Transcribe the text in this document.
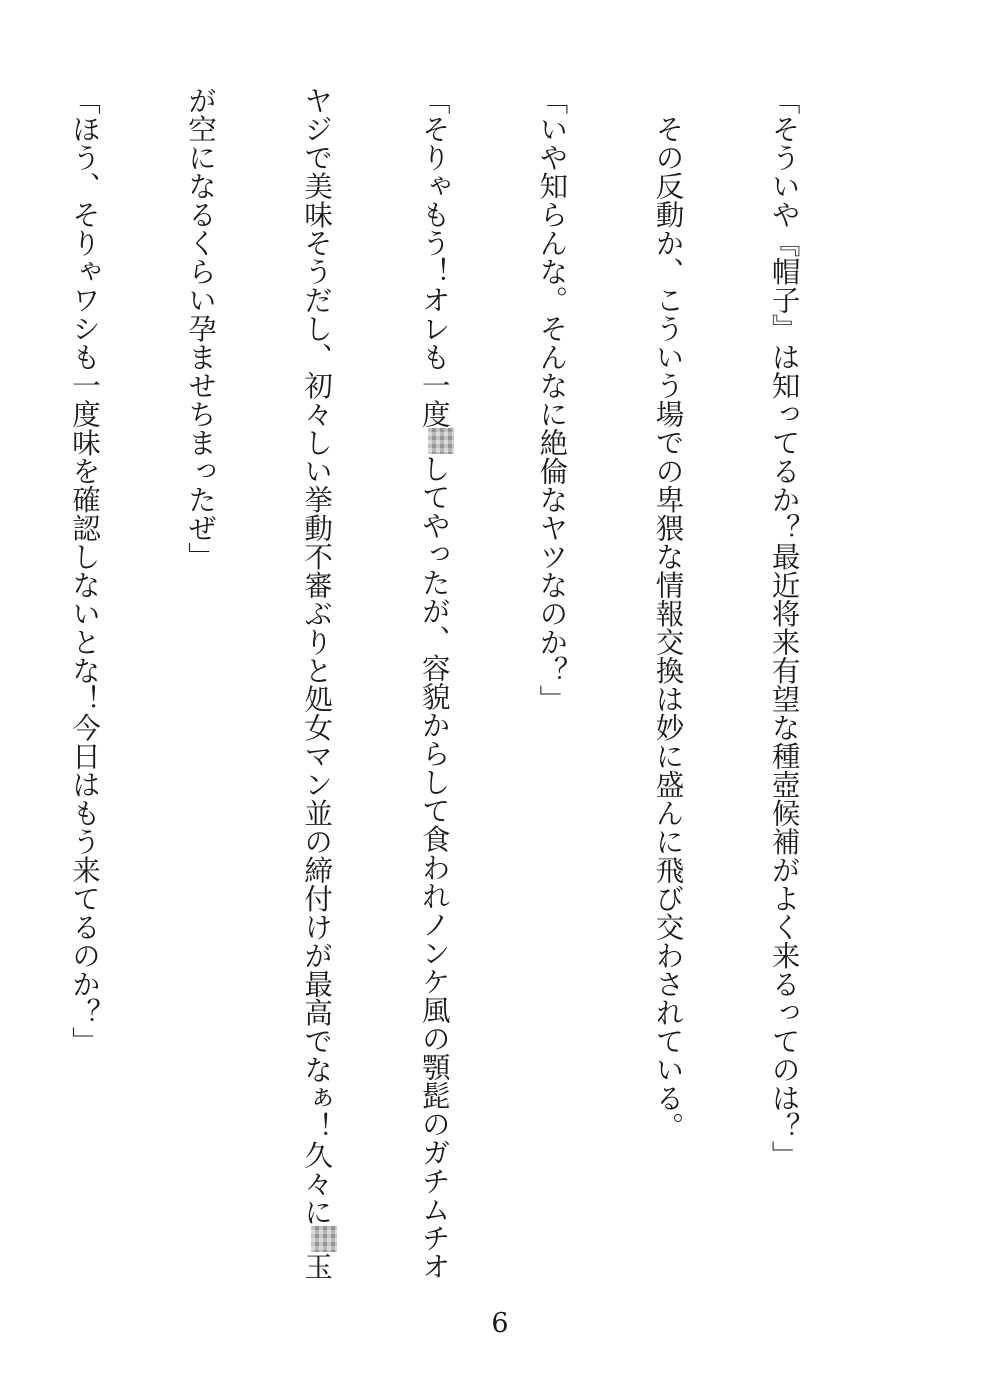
「そういや『帽子』は知ってるか？最近将来有望な種壺候補がよく来るってのは？」

　その反動か、こういう場での卑猥な情報交換は妙に盛んに飛び交わされている。

「いや知らんな。そんなに絶倫なヤツなのか？」

「そりゃもう！オレも一度してやったが、容貌からして食われノンケ風の顎髭のガチムチオ

ヤジで美味そうだし、初々しい挙動不審ぶりと処女マン並の締付けが最高でなぁ！久々に玉

が空になるくらい孕ませちまったぜ」

「ほう、そりゃワシも一度味を確認しないとな！今日はもう来てるのか？」

6
